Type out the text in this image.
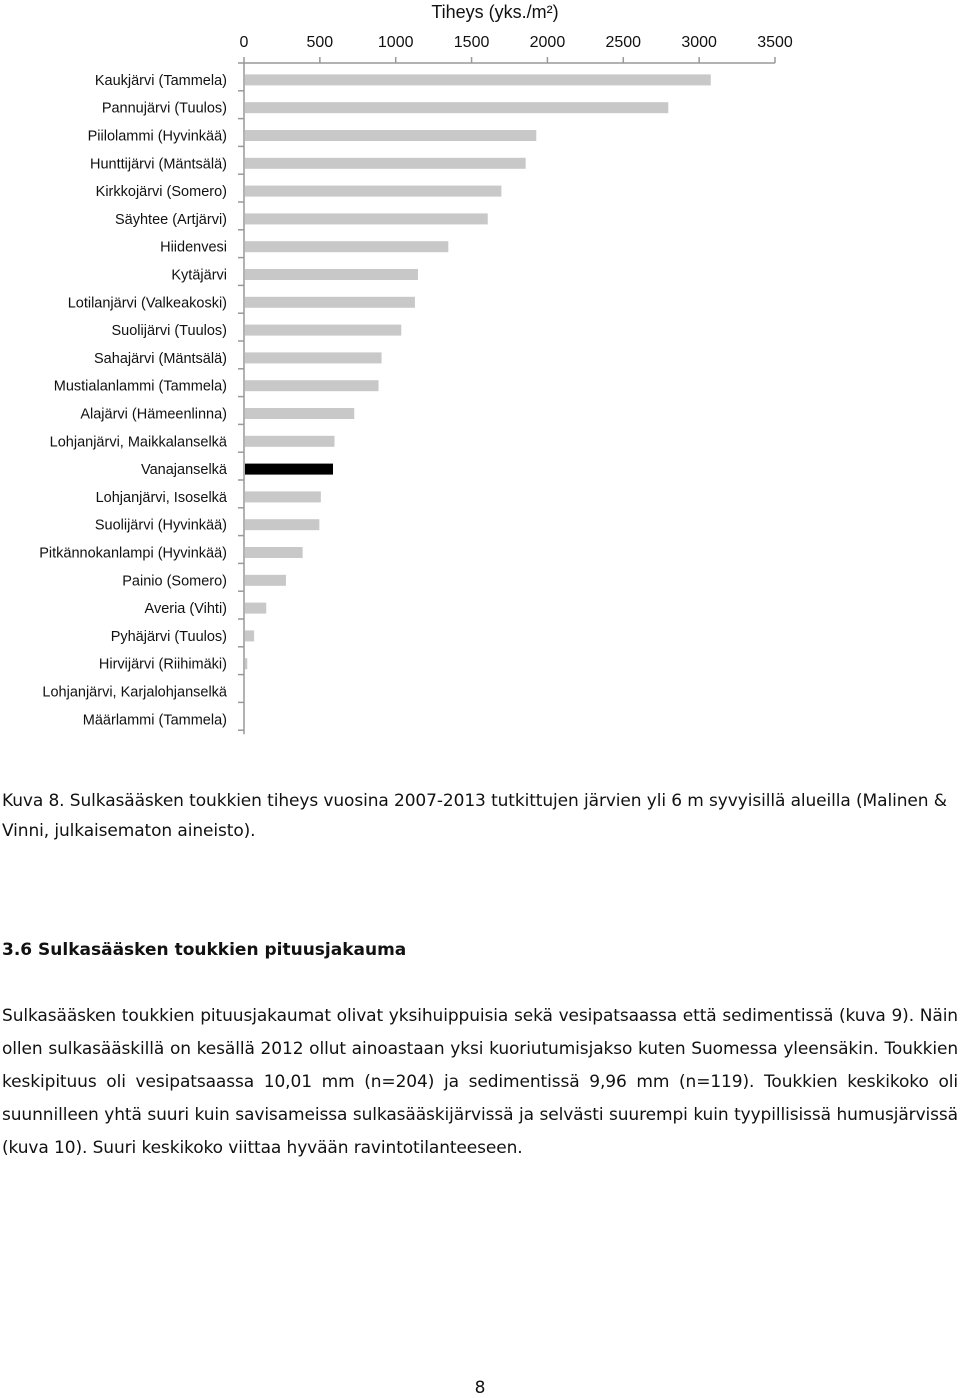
Tiheys (yks./m²)
0	500	1000	1500	2000	2500	3000	3500
Kaukjärvi (Tammela)
Pannujärvi (Tuulos)
Piilolammi (Hyvinkää)
Hunttijärvi (Mäntsälä)
Kirkkojärvi (Somero)
Säyhtee (Artjärvi)
Hiidenvesi
Kytäjärvi
Lotilanjärvi (Valkeakoski)
Suolijärvi (Tuulos)
Sahajärvi (Mäntsälä)
Mustialanlammi (Tammela)
Alajärvi (Hämeenlinna)
Lohjanjärvi, Maikkalanselkä
Vanajanselkä
Lohjanjärvi, Isoselkä
Suolijärvi (Hyvinkää)
Pitkännokanlampi (Hyvinkää)
Painio (Somero)
Averia (Vihti)
Pyhäjärvi (Tuulos)
Hirvijärvi (Riihimäki)
Lohjanjärvi, Karjalohjanselkä
Määrlammi (Tammela)
Kuva 8. Sulkasääsken toukkien tiheys vuosina 2007-2013 tutkittujen järvien yli 6 m syvyisillä alueilla (Malinen & Vinni, julkaisematon aineisto).
3.6 Sulkasääsken toukkien pituusjakauma
Sulkasääsken toukkien pituusjakaumat olivat yksihuippuisia sekä vesipatsaassa että sedimentissä (kuva 9). Näin ollen sulkasääskillä on kesällä 2012 ollut ainoastaan yksi kuoriutumisjakso kuten Suomessa yleensäkin. Toukkien keskipituus oli vesipatsaassa 10,01 mm (n=204) ja sedimentissä 9,96 mm (n=119). Toukkien keskikoko oli suunnilleen yhtä suuri kuin savisameissa sulkasääskijärvissä ja selvästi suurempi kuin tyypillisissä humusjärvissä (kuva 10). Suuri keskikoko viittaa hyvään ravintotilanteeseen.
8
